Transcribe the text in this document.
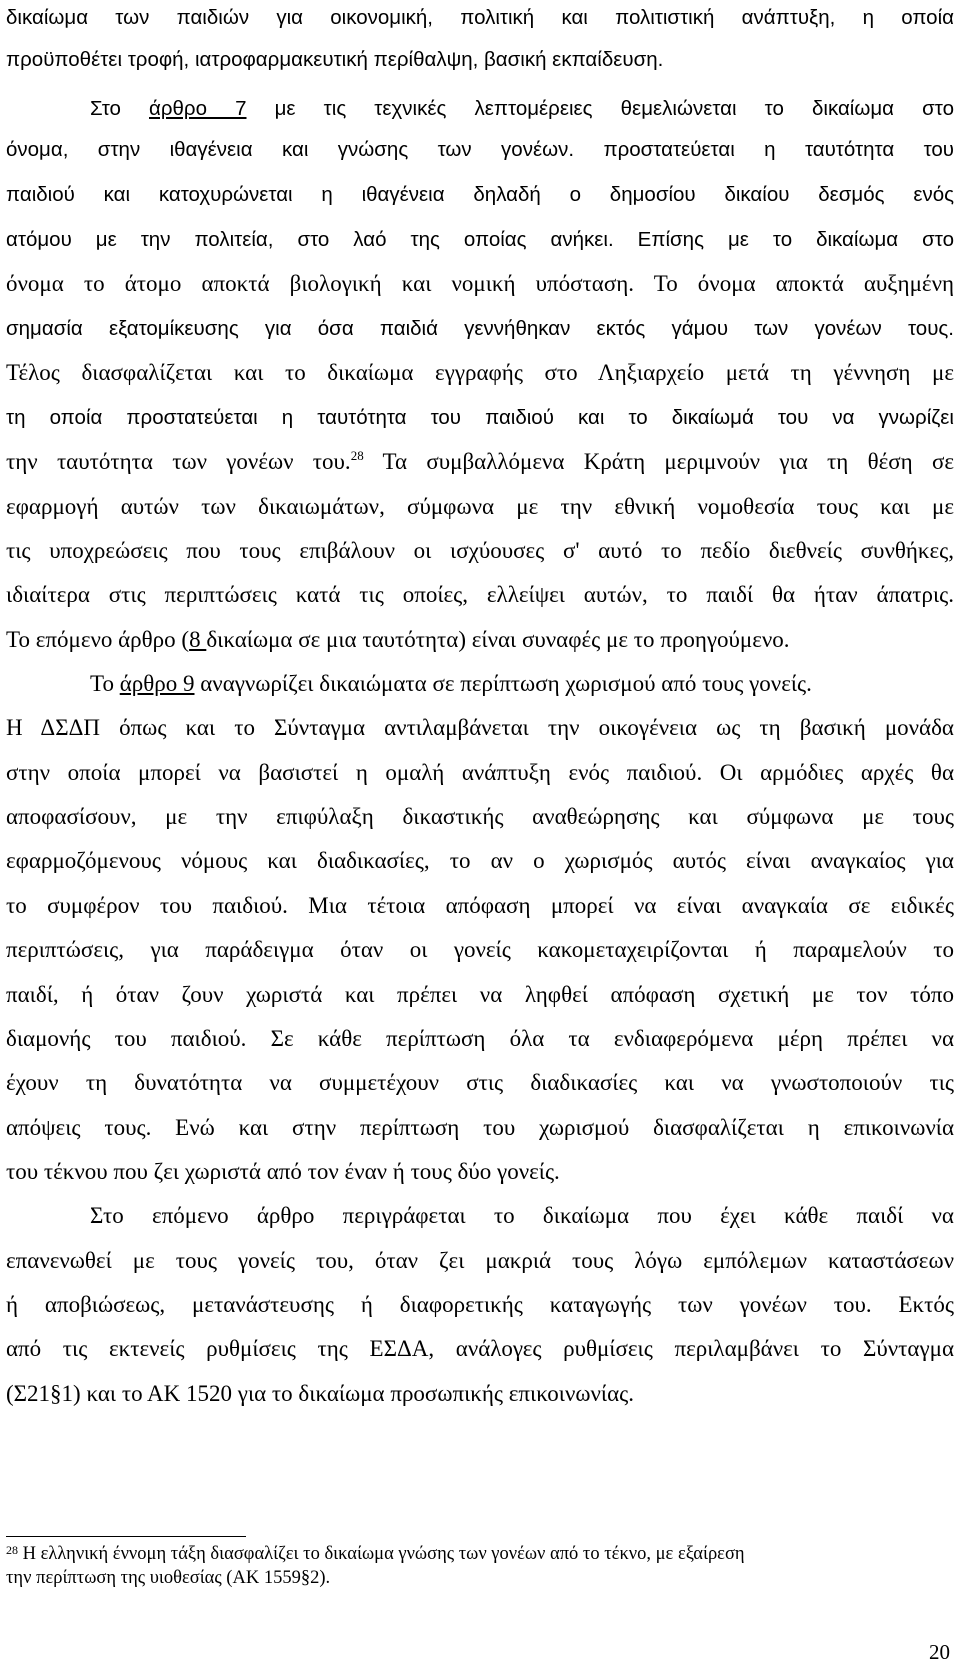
δικαίωμα των παιδιών για οικονομική, πολιτική και πολιτιστική ανάπτυξη, η οποία
προϋποθέτει τροφή, ιατροφαρμακευτική περίθαλψη, βασική εκπαίδευση.
Στο άρθρο 7 με τις τεχνικές λεπτομέρειες θεμελιώνεται το δικαίωμα στο
όνομα, στην ιθαγένεια και γνώσης των γονέων. προστατεύεται η ταυτότητα του
παιδιού και κατοχυρώνεται η ιθαγένεια δηλαδή ο δημοσίου δικαίου δεσμός ενός
ατόμου με την πολιτεία, στο λαό της οποίας ανήκει. Επίσης με το δικαίωμα στο
όνομα το άτομο αποκτά βιολογική και νομική υπόσταση. Το όνομα αποκτά αυξημένη
σημασία εξατομίκευσης για όσα παιδιά γεννήθηκαν εκτός γάμου των γονέων τους.
Τέλος διασφαλίζεται και το δικαίωμα εγγραφής στο Ληξιαρχείο μετά τη γέννηση με
τη οποία προστατεύεται η ταυτότητα του παιδιού και το δικαίωμά του να γνωρίζει
την ταυτότητα των γονέων του.$^{28}$ Τα συμβαλλόμενα Κράτη μεριμνούν για τη θέση σε
εφαρμογή αυτών των δικαιωμάτων, σύμφωνα με την εθνική νομοθεσία τους και με
τις υποχρεώσεις που τους επιβάλουν οι ισχύουσες σ' αυτό το πεδίο διεθνείς συνθήκες,
ιδιαίτερα στις περιπτώσεις κατά τις οποίες, ελλείψει αυτών, το παιδί θα ήταν άπατρις.
Το επόμενο άρθρο (8 δικαίωμα σε μια ταυτότητα) είναι συναφές με το προηγούμενο.
Το άρθρο 9 αναγνωρίζει δικαιώματα σε περίπτωση χωρισμού από τους γονείς.
Η ΔΣΔΠ όπως και το Σύνταγμα αντιλαμβάνεται την οικογένεια ως τη βασική μονάδα
στην οποία μπορεί να βασιστεί η ομαλή ανάπτυξη ενός παιδιού. Οι αρμόδιες αρχές θα
αποφασίσουν, με την επιφύλαξη δικαστικής αναθεώρησης και σύμφωνα με τους
εφαρμοζόμενους νόμους και διαδικασίες, το αν ο χωρισμός αυτός είναι αναγκαίος για
το συμφέρον του παιδιού. Μια τέτοια απόφαση μπορεί να είναι αναγκαία σε ειδικές
περιπτώσεις, για παράδειγμα όταν οι γονείς κακομεταχειρίζονται ή παραμελούν το
παιδί, ή όταν ζουν χωριστά και πρέπει να ληφθεί απόφαση σχετική με τον τόπο
διαμονής του παιδιού. Σε κάθε περίπτωση όλα τα ενδιαφερόμενα μέρη πρέπει να
έχουν τη δυνατότητα να συμμετέχουν στις διαδικασίες και να γνωστοποιούν τις
απόψεις τους. Ενώ και στην περίπτωση του χωρισμού διασφαλίζεται η επικοινωνία
του τέκνου που ζει χωριστά από τον έναν ή τους δύο γονείς.
Στο επόμενο άρθρο περιγράφεται το δικαίωμα που έχει κάθε παιδί να
επανενωθεί με τους γονείς του, όταν ζει μακριά τους λόγω εμπόλεμων καταστάσεων
ή αποβιώσεως, μετανάστευσης ή διαφορετικής καταγωγής των γονέων του. Εκτός
από τις εκτενείς ρυθμίσεις της ΕΣΔΑ, ανάλογες ρυθμίσεις περιλαμβάνει το Σύνταγμα
(Σ21§1) και το ΑΚ 1520 για το δικαίωμα προσωπικής επικοινωνίας.
$^{28}$ Η ελληνική έννομη τάξη διασφαλίζει το δικαίωμα γνώσης των γονέων από το τέκνο, με εξαίρεση
την περίπτωση της υιοθεσίας (ΑΚ 1559§2).
20
